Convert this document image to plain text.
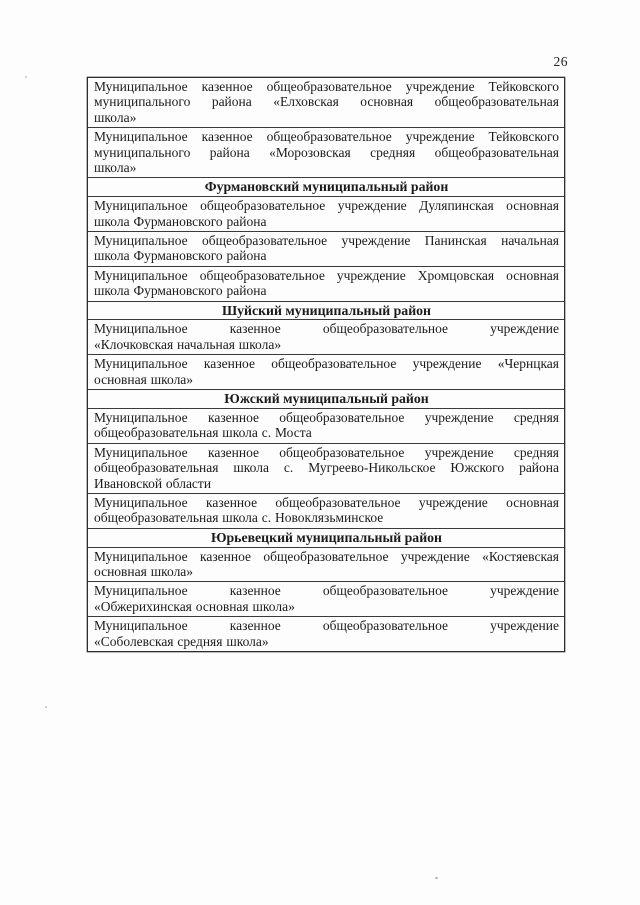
26
Муниципальное казенное общеобразовательное учреждение Тейковского
муниципального района «Елховская основная общеобразовательная
школа»
Муниципальное казенное общеобразовательное учреждение Тейковского
муниципального района «Морозовская средняя общеобразовательная
школа»
Фурмановский муниципальный район
Муниципальное общеобразовательное учреждение Дуляпинская основная
школа Фурмановского района
Муниципальное общеобразовательное учреждение Панинская начальная
школа Фурмановского района
Муниципальное общеобразовательное учреждение Хромцовская основная
школа Фурмановского района
Шуйский муниципальный район
Муниципальное казенное общеобразовательное учреждение
«Клочковская начальная школа»
Муниципальное казенное общеобразовательное учреждение «Чернцкая
основная школа»
Южский муниципальный район
Муниципальное казенное общеобразовательное учреждение средняя
общеобразовательная школа с. Моста
Муниципальное казенное общеобразовательное учреждение средняя
общеобразовательная школа с. Мугреево-Никольское Южского района
Ивановской области
Муниципальное казенное общеобразовательное учреждение основная
общеобразовательная школа с. Новоклязьминское
Юрьевецкий муниципальный район
Муниципальное казенное общеобразовательное учреждение «Костяевская
основная школа»
Муниципальное казенное общеобразовательное учреждение
«Обжерихинская основная школа»
Муниципальное казенное общеобразовательное учреждение
«Соболевская средняя школа»
